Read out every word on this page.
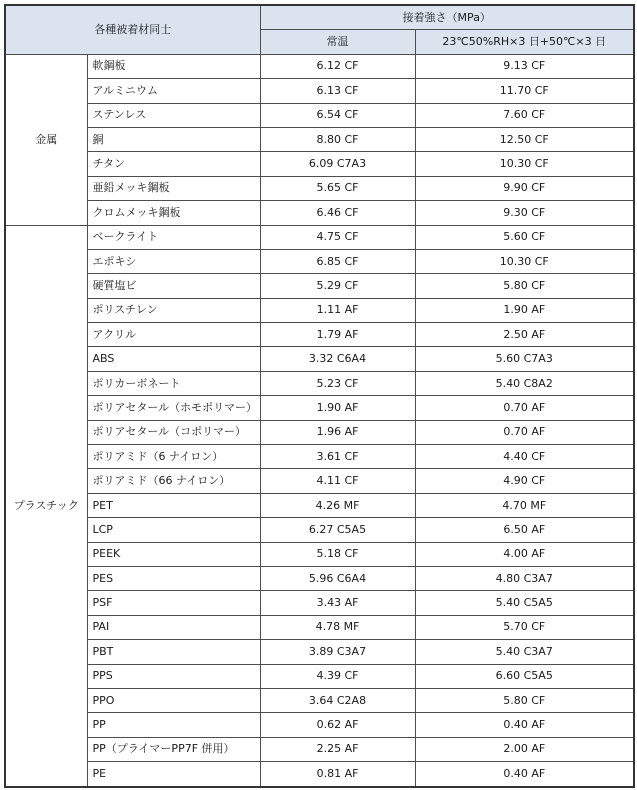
各種被着材同士		接着強さ（MPa）	
		常温	23℃50%RH×3 日+50℃×3 日
金属	軟鋼板	6.12 CF	9.13 CF
	アルミニウム	6.13 CF	11.70 CF
	ステンレス	6.54 CF	7.60 CF
	銅	8.80 CF	12.50 CF
	チタン	6.09 C7A3	10.30 CF
	亜鉛メッキ鋼板	5.65 CF	9.90 CF
	クロムメッキ鋼板	6.46 CF	9.30 CF
プラスチック	ベークライト	4.75 CF	5.60 CF
	エポキシ	6.85 CF	10.30 CF
	硬質塩ビ	5.29 CF	5.80 CF
	ポリスチレン	1.11 AF	1.90 AF
	アクリル	1.79 AF	2.50 AF
	ABS	3.32 C6A4	5.60 C7A3
	ポリカーボネート	5.23 CF	5.40 C8A2
	ポリアセタール（ホモポリマー）	1.90 AF	0.70 AF
	ポリアセタール（コポリマー）	1.96 AF	0.70 AF
	ポリアミド（6 ナイロン）	3.61 CF	4.40 CF
	ポリアミド（66 ナイロン）	4.11 CF	4.90 CF
	PET	4.26 MF	4.70 MF
	LCP	6.27 C5A5	6.50 AF
	PEEK	5.18 CF	4.00 AF
	PES	5.96 C6A4	4.80 C3A7
	PSF	3.43 AF	5.40 C5A5
	PAI	4.78 MF	5.70 CF
	PBT	3.89 C3A7	5.40 C3A7
	PPS	4.39 CF	6.60 C5A5
	PPO	3.64 C2A8	5.80 CF
	PP	0.62 AF	0.40 AF
	PP（プライマーPP7F 併用）	2.25 AF	2.00 AF
	PE	0.81 AF	0.40 AF
